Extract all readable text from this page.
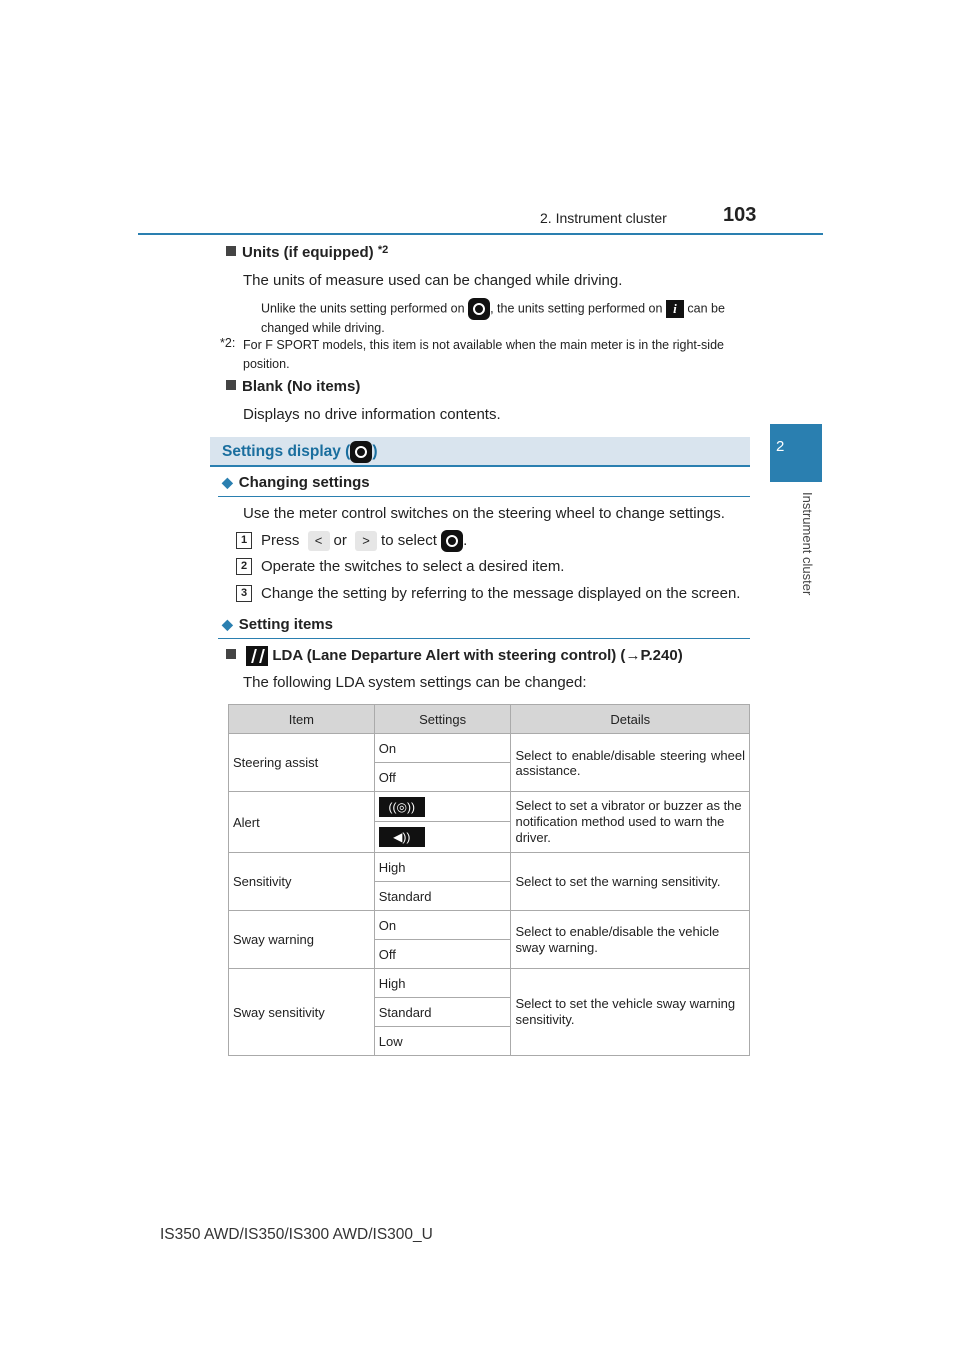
2. Instrument cluster	103
2
Instrument cluster
Units (if equipped) $^{*2}$
The units of measure used can be changed while driving.
Unlike the units setting performed on , the units setting performed on i can be changed while driving.
*2: For F SPORT models, this item is not available when the main meter is in the right-side position.
Blank (No items)
Displays no drive information contents.
Settings display ( )
◆ Changing settings
Use the meter control switches on the steering wheel to change settings.
1 Press < or > to select .
2 Operate the switches to select a desired item.
3 Change the setting by referring to the message displayed on the screen.
◆ Setting items
LDA (Lane Departure Alert with steering control) (→P.240)
The following LDA system settings can be changed:
Item	Settings	Details
Steering assist	On	Select to enable/disable steering wheel assistance.
	Off	
Alert	((◎))	Select to set a vibrator or buzzer as the notification method used to warn the driver.
	◀))	
Sensitivity	High	Select to set the warning sensitivity.
	Standard	
Sway warning	On	Select to enable/disable the vehicle sway warning.
	Off	
Sway sensitivity	High	Select to set the vehicle sway warning sensitivity.
	Standard	
	Low	
IS350 AWD/IS350/IS300 AWD/IS300_U
